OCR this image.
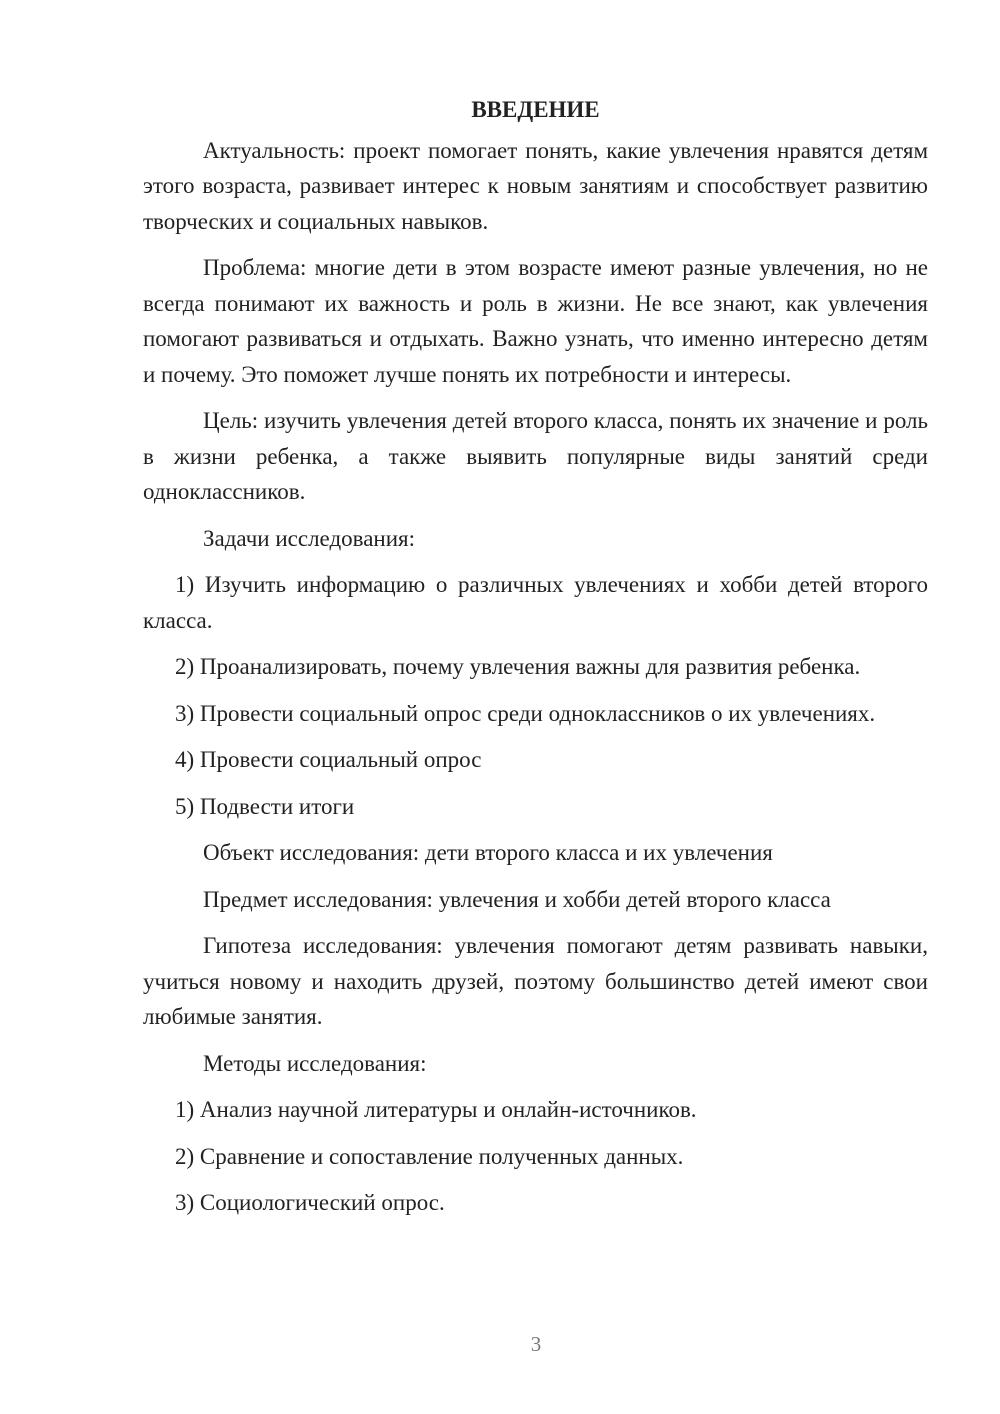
ВВЕДЕНИЕ

Актуальность: проект помогает понять, какие увлечения нравятся детям этого возраста, развивает интерес к новым занятиям и способствует развитию творческих и социальных навыков.

Проблема: многие дети в этом возрасте имеют разные увлечения, но не всегда понимают их важность и роль в жизни. Не все знают, как увлечения помогают развиваться и отдыхать. Важно узнать, что именно интересно детям и почему. Это поможет лучше понять их потребности и интересы.

Цель: изучить увлечения детей второго класса, понять их значение и роль в жизни ребенка, а также выявить популярные виды занятий среди одноклассников.

Задачи исследования:

1) Изучить информацию о различных увлечениях и хобби детей второго класса.

2) Проанализировать, почему увлечения важны для развития ребенка.

3) Провести социальный опрос среди одноклассников о их увлечениях.

4) Провести социальный опрос

5) Подвести итоги

Объект исследования: дети второго класса и их увлечения

Предмет исследования: увлечения и хобби детей второго класса

Гипотеза исследования: увлечения помогают детям развивать навыки, учиться новому и находить друзей, поэтому большинство детей имеют свои любимые занятия.

Методы исследования:

1) Анализ научной литературы и онлайн-источников.

2) Сравнение и сопоставление полученных данных.

3) Социологический опрос.

3
